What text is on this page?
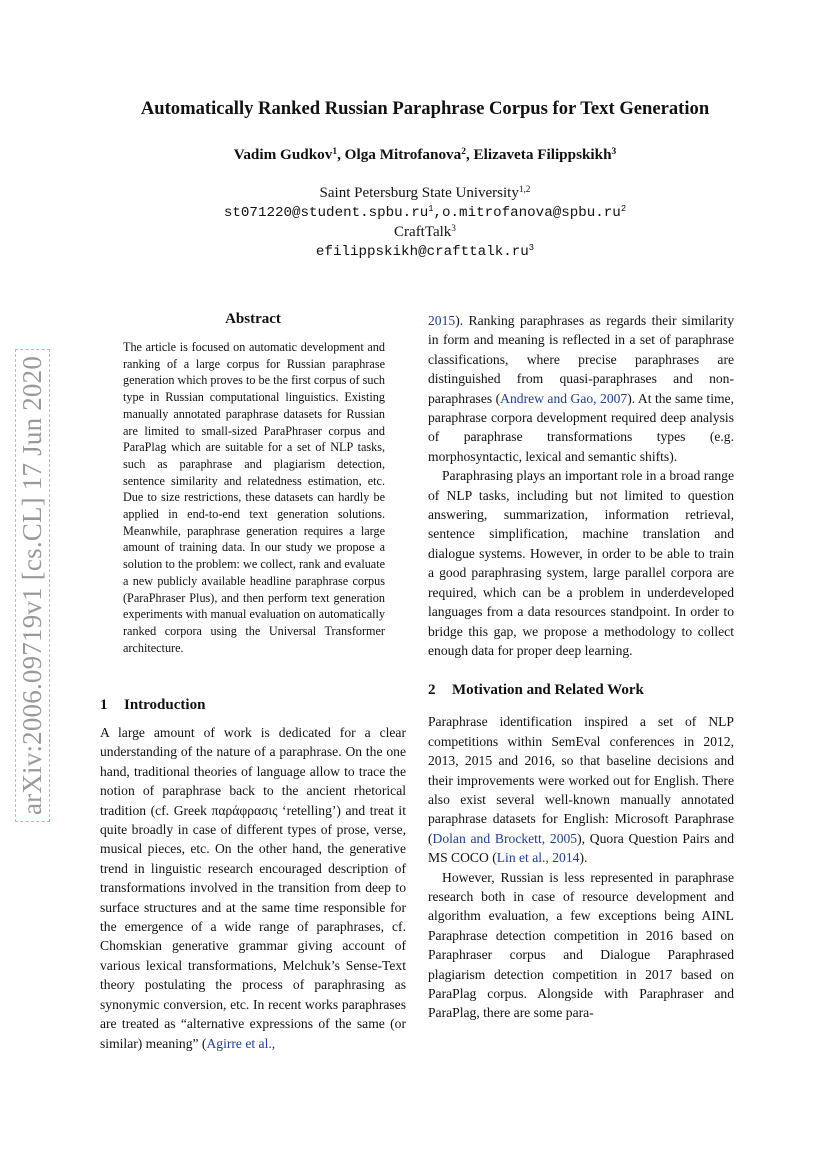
arXiv:2006.09719v1 [cs.CL] 17 Jun 2020
Automatically Ranked Russian Paraphrase Corpus for Text Generation
Vadim Gudkov$^1$, Olga Mitrofanova$^2$, Elizaveta Filippskikh$^3$
Saint Petersburg State University$^{1,2}$
$st071220@student.spbu.ru^1,o.mitrofanova@spbu.ru^2$
CraftTalk$^3$
$efilippskikh@crafttalk.ru^3$
Abstract

The article is focused on automatic development and ranking of a large corpus for Russian paraphrase generation which proves to be the first corpus of such type in Russian computational linguistics. Existing manually annotated paraphrase datasets for Russian are limited to small-sized ParaPhraser corpus and ParaPlag which are suitable for a set of NLP tasks, such as paraphrase and plagiarism detection, sentence similarity and relatedness estimation, etc. Due to size restrictions, these datasets can hardly be applied in end-to-end text generation solutions. Meanwhile, paraphrase generation requires a large amount of training data. In our study we propose a solution to the problem: we collect, rank and evaluate a new publicly available headline paraphrase corpus (ParaPhraser Plus), and then perform text generation experiments with manual evaluation on automatically ranked corpora using the Universal Transformer architecture.

1 Introduction

A large amount of work is dedicated for a clear understanding of the nature of a paraphrase. On the one hand, traditional theories of language allow to trace the notion of paraphrase back to the ancient rhetorical tradition (cf. Greek παράφρασις ‘retelling’) and treat it quite broadly in case of different types of prose, verse, musical pieces, etc. On the other hand, the generative trend in linguistic research encouraged description of transformations involved in the transition from deep to surface structures and at the same time responsible for the emergence of a wide range of paraphrases, cf. Chomskian generative grammar giving account of various lexical transformations, Melchuk’s Sense-Text theory postulating the process of paraphrasing as synonymic conversion, etc. In recent works paraphrases are treated as “alternative expressions of the same (or similar) meaning” (Agirre et al.,

2015). Ranking paraphrases as regards their similarity in form and meaning is reflected in a set of paraphrase classifications, where precise paraphrases are distinguished from quasi-paraphrases and non-paraphrases (Andrew and Gao, 2007). At the same time, paraphrase corpora development required deep analysis of paraphrase transformations types (e.g. morphosyntactic, lexical and semantic shifts).

Paraphrasing plays an important role in a broad range of NLP tasks, including but not limited to question answering, summarization, information retrieval, sentence simplification, machine translation and dialogue systems. However, in order to be able to train a good paraphrasing system, large parallel corpora are required, which can be a problem in underdeveloped languages from a data resources standpoint. In order to bridge this gap, we propose a methodology to collect enough data for proper deep learning.

2 Motivation and Related Work

Paraphrase identification inspired a set of NLP competitions within SemEval conferences in 2012, 2013, 2015 and 2016, so that baseline decisions and their improvements were worked out for English. There also exist several well-known manually annotated paraphrase datasets for English: Microsoft Paraphrase (Dolan and Brockett, 2005), Quora Question Pairs and MS COCO (Lin et al., 2014).

However, Russian is less represented in paraphrase research both in case of resource development and algorithm evaluation, a few exceptions being AINL Paraphrase detection competition in 2016 based on Paraphraser corpus and Dialogue Paraphrased plagiarism detection competition in 2017 based on ParaPlag corpus. Alongside with Paraphraser and ParaPlag, there are some para-
